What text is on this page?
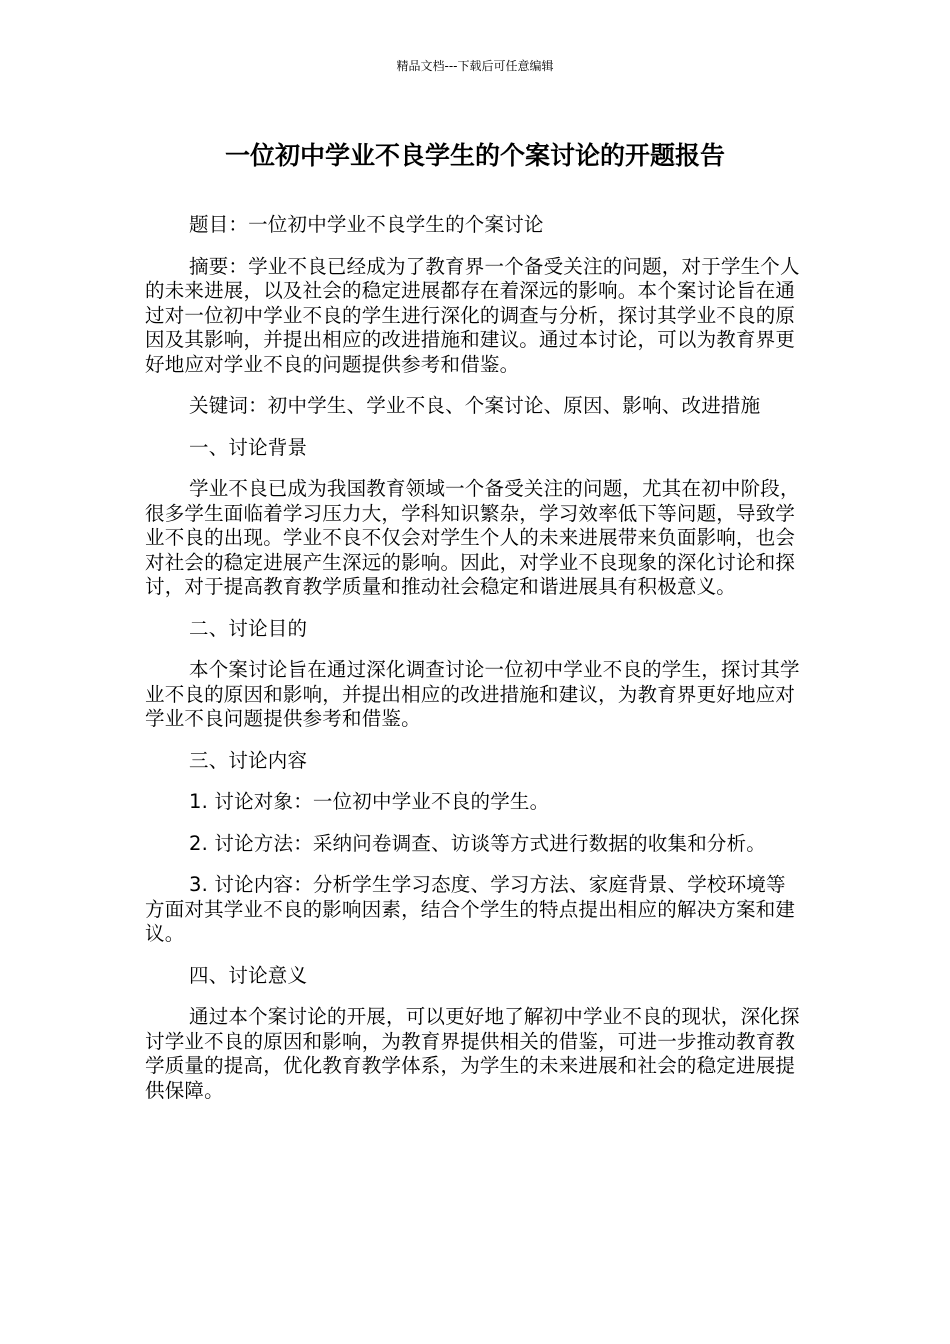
精品文档---下载后可任意编辑
一位初中学业不良学生的个案讨论的开题报告

题目：一位初中学业不良学生的个案讨论

摘要：学业不良已经成为了教育界一个备受关注的问题，对于学生个人的未来进展，以及社会的稳定进展都存在着深远的影响。本个案讨论旨在通过对一位初中学业不良的学生进行深化的调查与分析，探讨其学业不良的原因及其影响，并提出相应的改进措施和建议。通过本讨论，可以为教育界更好地应对学业不良的问题提供参考和借鉴。

关键词：初中学生、学业不良、个案讨论、原因、影响、改进措施

一、讨论背景

学业不良已成为我国教育领域一个备受关注的问题，尤其在初中阶段，很多学生面临着学习压力大，学科知识繁杂，学习效率低下等问题，导致学业不良的出现。学业不良不仅会对学生个人的未来进展带来负面影响，也会对社会的稳定进展产生深远的影响。因此，对学业不良现象的深化讨论和探讨，对于提高教育教学质量和推动社会稳定和谐进展具有积极意义。

二、讨论目的

本个案讨论旨在通过深化调查讨论一位初中学业不良的学生，探讨其学业不良的原因和影响，并提出相应的改进措施和建议，为教育界更好地应对学业不良问题提供参考和借鉴。

三、讨论内容

1. 讨论对象：一位初中学业不良的学生。

2. 讨论方法：采纳问卷调查、访谈等方式进行数据的收集和分析。

3. 讨论内容：分析学生学习态度、学习方法、家庭背景、学校环境等方面对其学业不良的影响因素，结合个学生的特点提出相应的解决方案和建议。

四、讨论意义

通过本个案讨论的开展，可以更好地了解初中学业不良的现状，深化探讨学业不良的原因和影响，为教育界提供相关的借鉴，可进一步推动教育教学质量的提高，优化教育教学体系，为学生的未来进展和社会的稳定进展提供保障。
